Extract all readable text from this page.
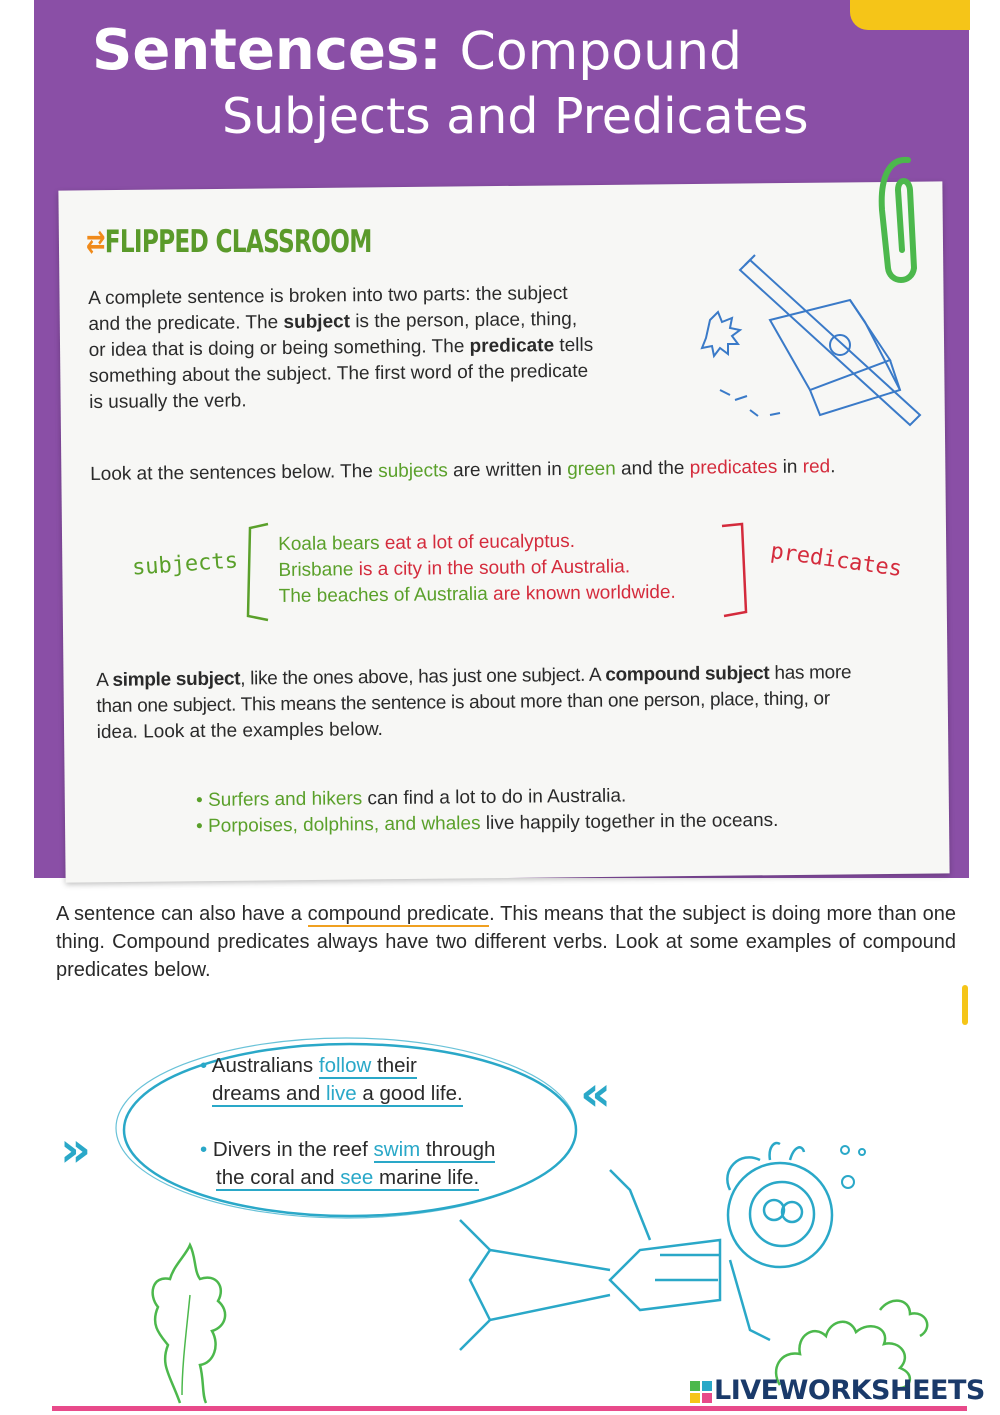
Sentences: Compound
Subjects and Predicates
⇄FLIPPED CLASSROOM
A complete sentence is broken into two parts: the subject
and the predicate. The subject is the person, place, thing,
or idea that is doing or being something. The predicate tells
something about the subject. The first word of the predicate
is usually the verb.
Look at the sentences below. The subjects are written in green and the predicates in red.
subjects	predicates
Koala bears eat a lot of eucalyptus.
Brisbane is a city in the south of Australia.
The beaches of Australia are known worldwide.
A simple subject, like the ones above, has just one subject. A compound subject has more
than one subject. This means the sentence is about more than one person, place, thing, or
idea. Look at the examples below.
• Surfers and hikers can find a lot to do in Australia.
• Porpoises, dolphins, and whales live happily together in the oceans.
A sentence can also have a compound predicate. This means that the subject is doing more than one thing. Compound predicates always have two different verbs. Look at some examples of compound predicates below.
»
«
• Australians follow their
dreams and live a good life.
• Divers in the reef swim through
the coral and see marine life.
LIVEWORKSHEETS
